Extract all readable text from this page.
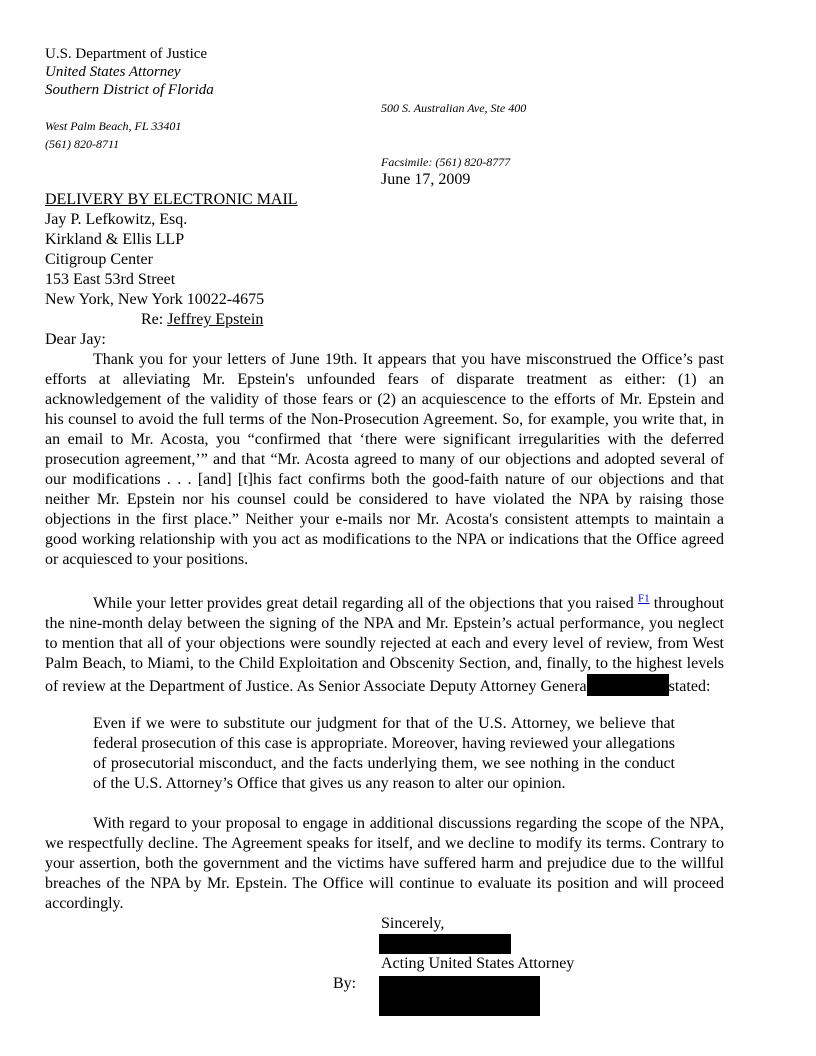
U.S. Department of Justice
United States Attorney
Southern District of Florida
500 S. Australian Ave, Ste 400
West Palm Beach, FL 33401
(561) 820-8711
Facsimile: (561) 820-8777
June 17, 2009
DELIVERY BY ELECTRONIC MAIL
Jay P. Lefkowitz, Esq.
Kirkland & Ellis LLP
Citigroup Center
153 East 53rd Street
New York, New York 10022-4675
Re: Jeffrey Epstein
Dear Jay:
Thank you for your letters of June 19th. It appears that you have misconstrued the Office’s past efforts at alleviating Mr. Epstein's unfounded fears of disparate treatment as either: (1) an acknowledgement of the validity of those fears or (2) an acquiescence to the efforts of Mr. Epstein and his counsel to avoid the full terms of the Non-Prosecution Agreement. So, for example, you write that, in an email to Mr. Acosta, you “confirmed that ‘there were significant irregularities with the deferred prosecution agreement,’” and that “Mr. Acosta agreed to many of our objections and adopted several of our modifications . . . [and] [t]his fact confirms both the good-faith nature of our objections and that neither Mr. Epstein nor his counsel could be considered to have violated the NPA by raising those objections in the first place.” Neither your e-mails nor Mr. Acosta's consistent attempts to maintain a good working relationship with you act as modifications to the NPA or indications that the Office agreed or acquiesced to your positions.
While your letter provides great detail regarding all of the objections that you raised $^{F1}$ throughout the nine-month delay between the signing of the NPA and Mr. Epstein’s actual performance, you neglect to mention that all of your objections were soundly rejected at each and every level of review, from West Palm Beach, to Miami, to the Child Exploitation and Obscenity Section, and, finally, to the highest levels of review at the Department of Justice. As Senior Associate Deputy Attorney Genera	stated:
Even if we were to substitute our judgment for that of the U.S. Attorney, we believe that federal prosecution of this case is appropriate. Moreover, having reviewed your allegations of prosecutorial misconduct, and the facts underlying them, we see nothing in the conduct of the U.S. Attorney’s Office that gives us any reason to alter our opinion.
With regard to your proposal to engage in additional discussions regarding the scope of the NPA, we respectfully decline. The Agreement speaks for itself, and we decline to modify its terms. Contrary to your assertion, both the government and the victims have suffered harm and prejudice due to the willful breaches of the NPA by Mr. Epstein. The Office will continue to evaluate its position and will proceed accordingly.
Sincerely,
Acting United States Attorney
By:
